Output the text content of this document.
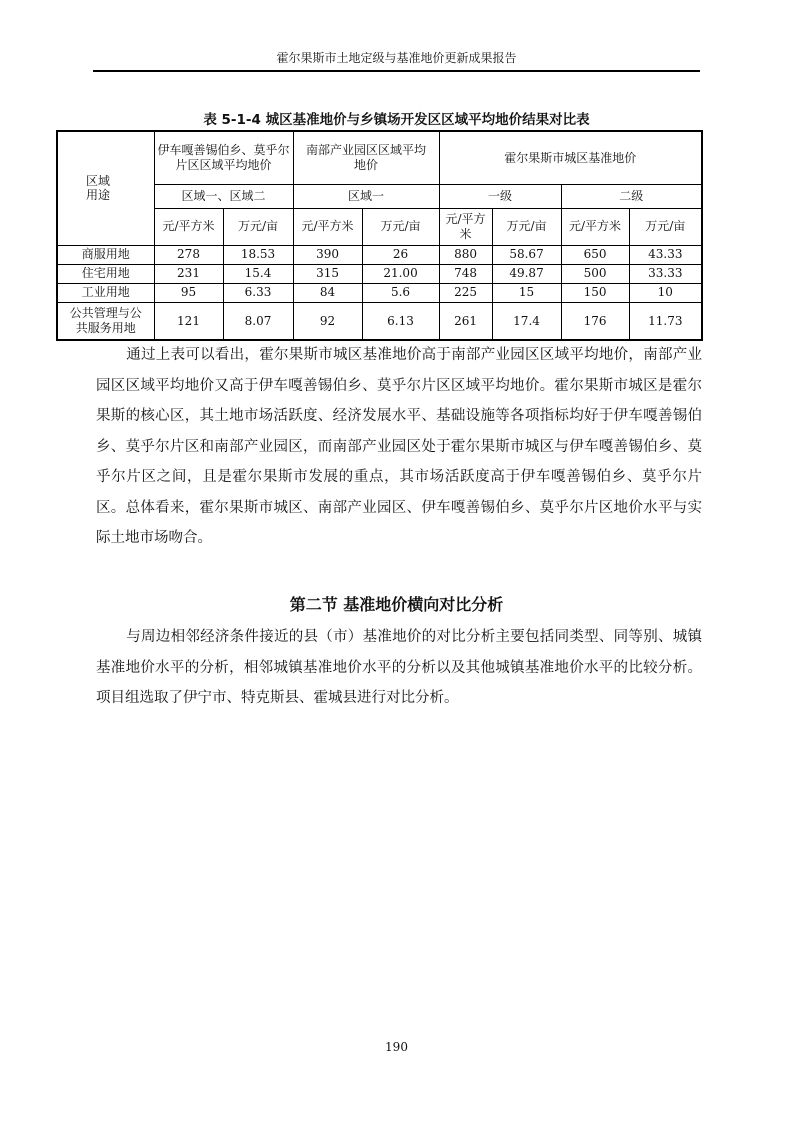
霍尔果斯市土地定级与基准地价更新成果报告
表 5-1-4 城区基准地价与乡镇场开发区区域平均地价结果对比表
区域
用途	伊车嘎善锡伯乡、莫乎尔片区区域平均地价		南部产业园区区域平均地价		霍尔果斯市城区基准地价			
	区域一、区域二		区域一		一级		二级	
	元/平方米	万元/亩	元/平方米	万元/亩	元/平方米	万元/亩	元/平方米	万元/亩
商服用地	278	18.53	390	26	880	58.67	650	43.33
住宅用地	231	15.4	315	21.00	748	49.87	500	33.33
工业用地	95	6.33	84	5.6	225	15	150	10
公共管理与公共服务用地	121	8.07	92	6.13	261	17.4	176	11.73

通过上表可以看出，霍尔果斯市城区基准地价高于南部产业园区区域平均地价，南部产业园区区域平均地价又高于伊车嘎善锡伯乡、莫乎尔片区区域平均地价。霍尔果斯市城区是霍尔果斯的核心区，其土地市场活跃度、经济发展水平、基础设施等各项指标均好于伊车嘎善锡伯乡、莫乎尔片区和南部产业园区，而南部产业园区处于霍尔果斯市城区与伊车嘎善锡伯乡、莫乎尔片区之间，且是霍尔果斯市发展的重点，其市场活跃度高于伊车嘎善锡伯乡、莫乎尔片区。总体看来，霍尔果斯市城区、南部产业园区、伊车嘎善锡伯乡、莫乎尔片区地价水平与实际土地市场吻合。

第二节 基准地价横向对比分析

与周边相邻经济条件接近的县（市）基准地价的对比分析主要包括同类型、同等别、城镇基准地价水平的分析，相邻城镇基准地价水平的分析以及其他城镇基准地价水平的比较分析。项目组选取了伊宁市、特克斯县、霍城县进行对比分析。

190
